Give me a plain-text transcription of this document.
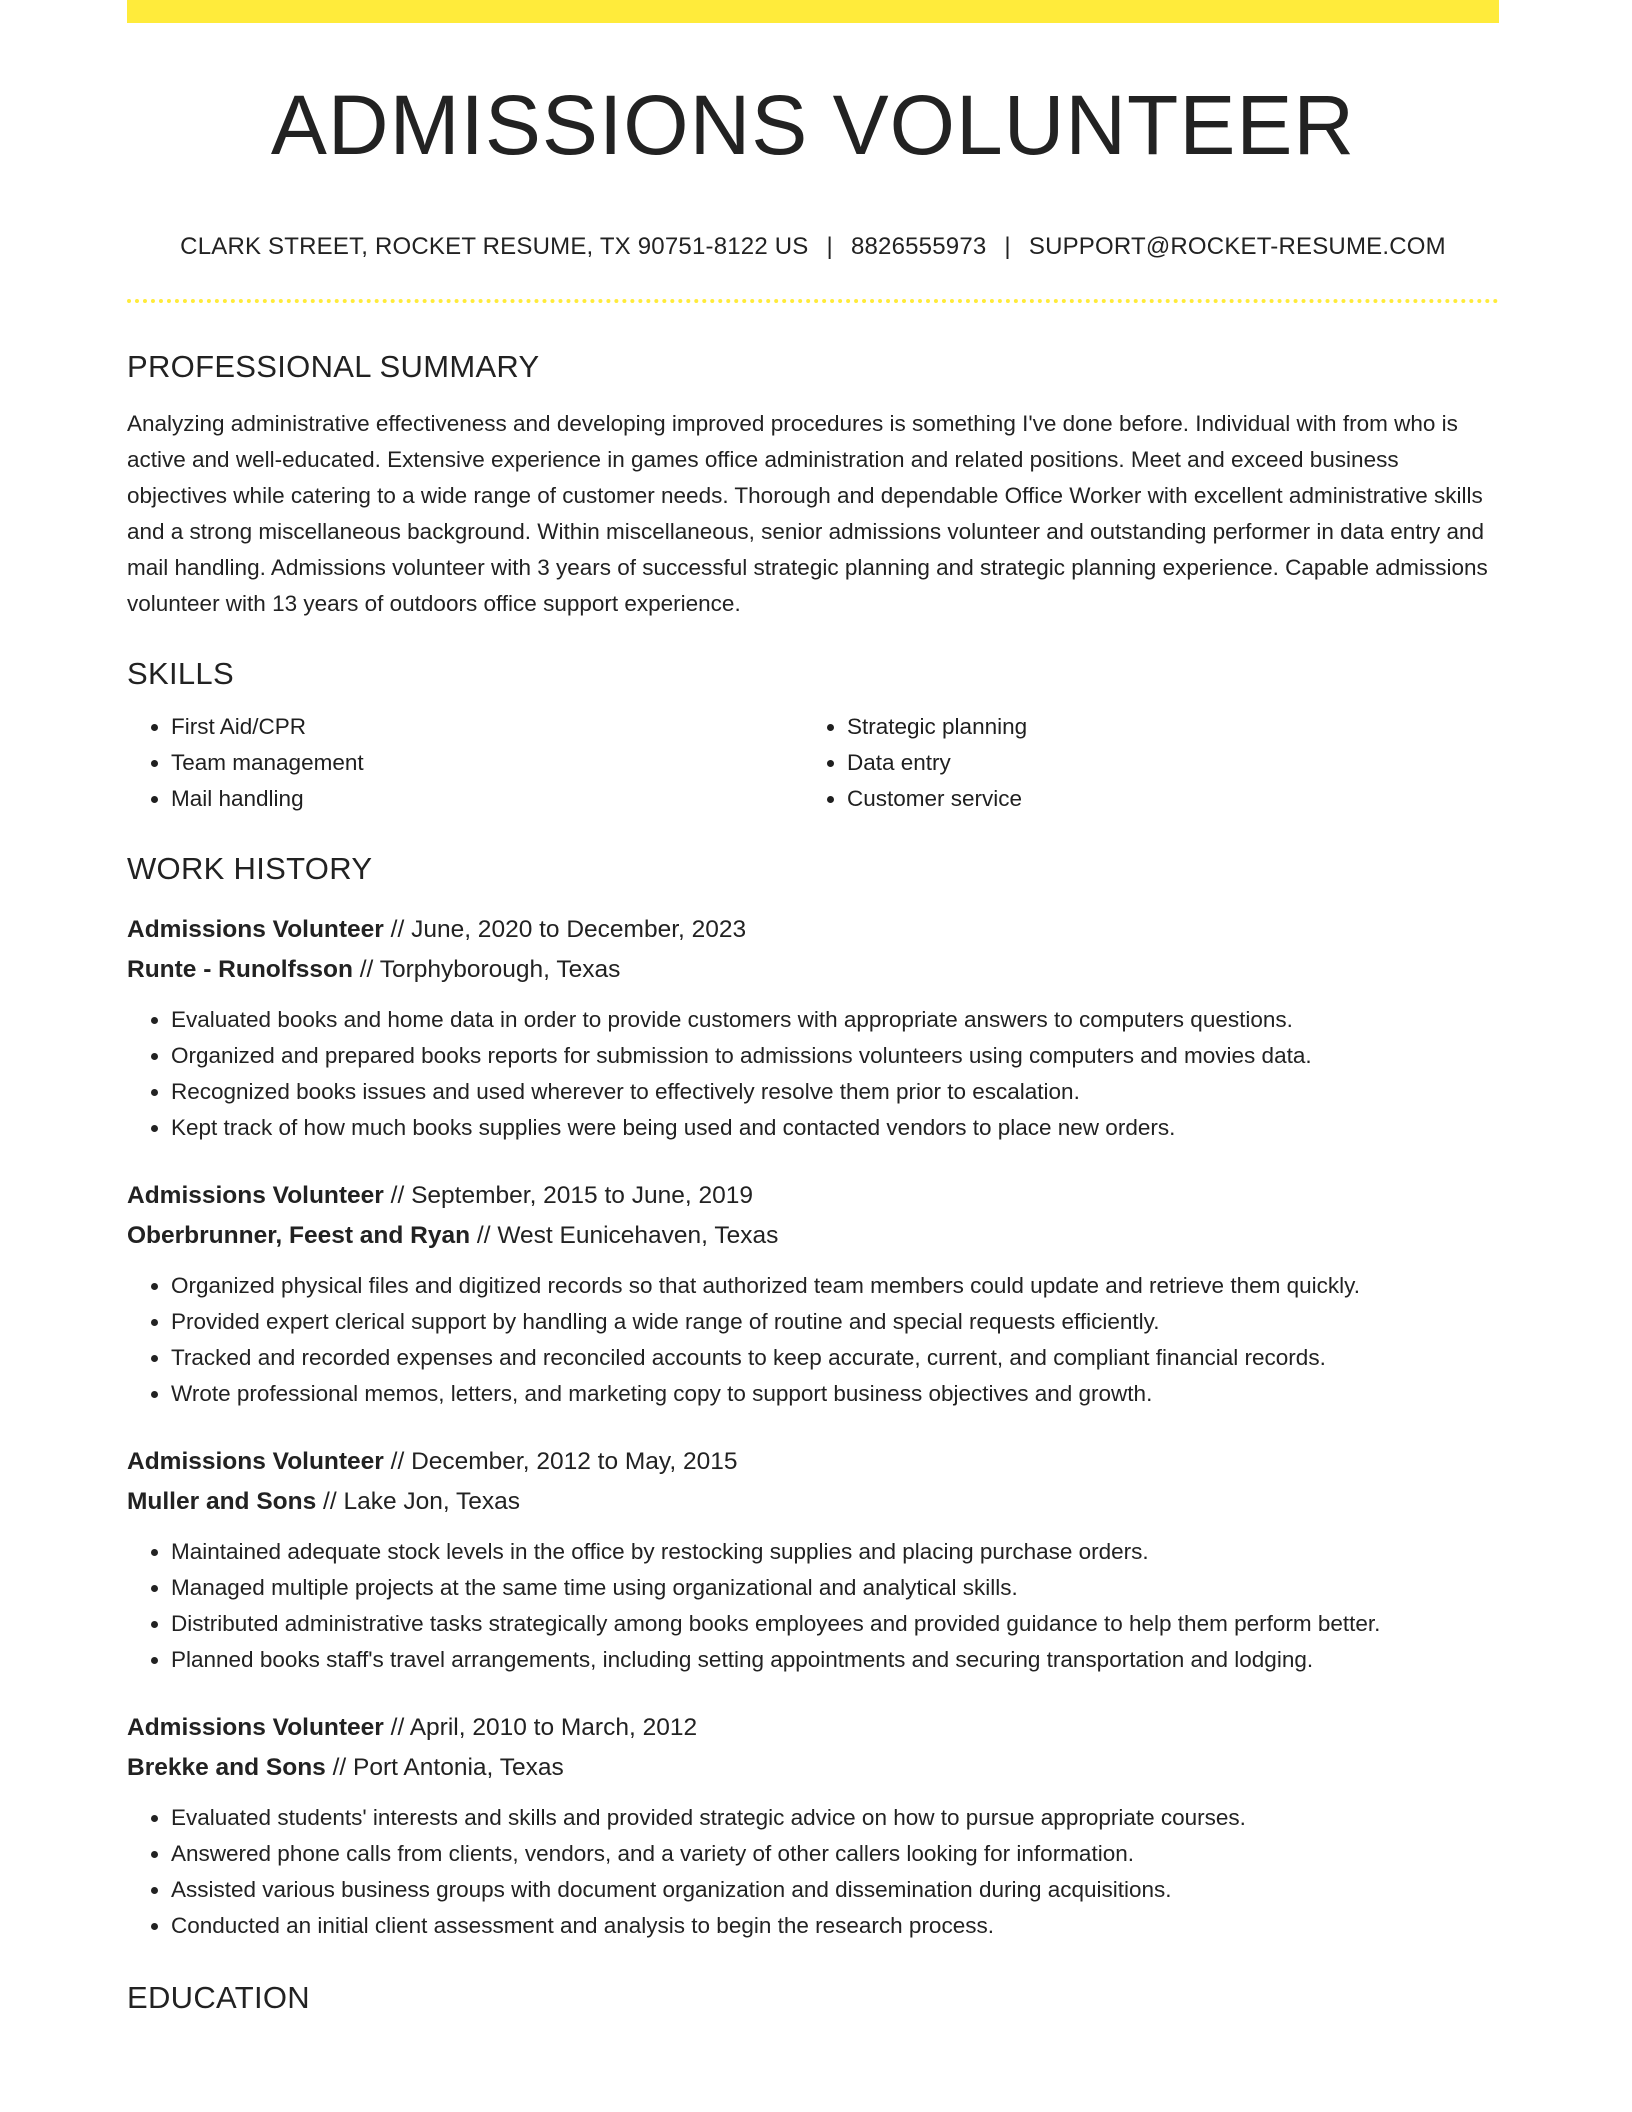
ADMISSIONS VOLUNTEER
CLARK STREET, ROCKET RESUME, TX 90751-8122 US | 8826555973 | SUPPORT@ROCKET-RESUME.COM
PROFESSIONAL SUMMARY

Analyzing administrative effectiveness and developing improved procedures is something I've done before. Individual with from who is active and well-educated. Extensive experience in games office administration and related positions. Meet and exceed business objectives while catering to a wide range of customer needs. Thorough and dependable Office Worker with excellent administrative skills and a strong miscellaneous background. Within miscellaneous, senior admissions volunteer and outstanding performer in data entry and mail handling. Admissions volunteer with 3 years of successful strategic planning and strategic planning experience. Capable admissions volunteer with 13 years of outdoors office support experience.

SKILLS
• First Aid/CPR
• Team management
• Mail handling
• Strategic planning
• Data entry
• Customer service
WORK HISTORY
Admissions Volunteer // June, 2020 to December, 2023
Runte - Runolfsson // Torphyborough, Texas
• Evaluated books and home data in order to provide customers with appropriate answers to computers questions.
• Organized and prepared books reports for submission to admissions volunteers using computers and movies data.
• Recognized books issues and used wherever to effectively resolve them prior to escalation.
• Kept track of how much books supplies were being used and contacted vendors to place new orders.
Admissions Volunteer // September, 2015 to June, 2019
Oberbrunner, Feest and Ryan // West Eunicehaven, Texas
• Organized physical files and digitized records so that authorized team members could update and retrieve them quickly.
• Provided expert clerical support by handling a wide range of routine and special requests efficiently.
• Tracked and recorded expenses and reconciled accounts to keep accurate, current, and compliant financial records.
• Wrote professional memos, letters, and marketing copy to support business objectives and growth.
Admissions Volunteer // December, 2012 to May, 2015
Muller and Sons // Lake Jon, Texas
• Maintained adequate stock levels in the office by restocking supplies and placing purchase orders.
• Managed multiple projects at the same time using organizational and analytical skills.
• Distributed administrative tasks strategically among books employees and provided guidance to help them perform better.
• Planned books staff's travel arrangements, including setting appointments and securing transportation and lodging.
Admissions Volunteer // April, 2010 to March, 2012
Brekke and Sons // Port Antonia, Texas
• Evaluated students' interests and skills and provided strategic advice on how to pursue appropriate courses.
• Answered phone calls from clients, vendors, and a variety of other callers looking for information.
• Assisted various business groups with document organization and dissemination during acquisitions.
• Conducted an initial client assessment and analysis to begin the research process.
EDUCATION
